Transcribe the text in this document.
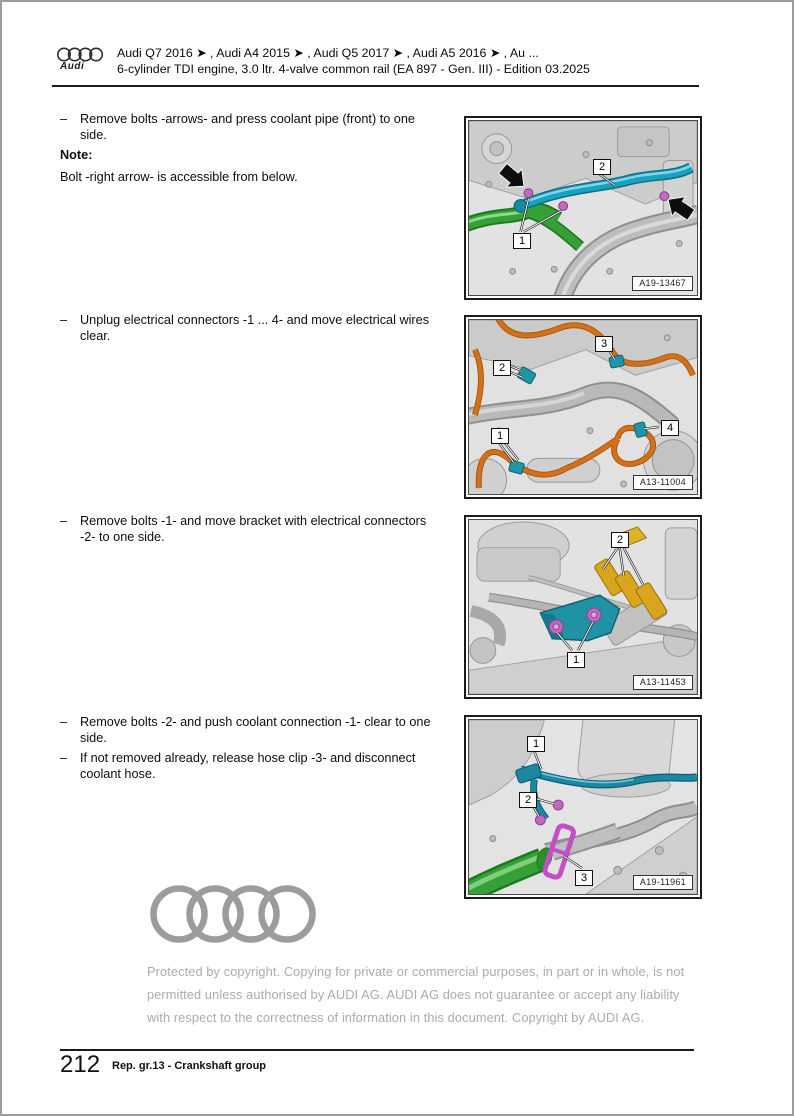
Audi
Audi Q7 2016 ➤ , Audi A4 2015 ➤ , Audi Q5 2017 ➤ , Audi A5 2016 ➤ , Au ...
6-cylinder TDI engine, 3.0 ltr. 4-valve common rail (EA 897 - Gen. III) - Edition 03.2025
–	Remove bolts -arrows- and press coolant pipe (front) to one side.
Note:
Bolt -right arrow- is accessible from below.
–	Unplug electrical connectors -1 ... 4- and move electrical wires clear.
–	Remove bolts -1- and move bracket with electrical connectors -2- to one side.
–	Remove bolts -2- and push coolant connection -1- clear to one side.
–	If not removed already, release hose clip -3- and disconnect coolant hose.
1
2
A19-13467
1
2
3
4
A13-11004
2
1
A13-11453
1
2
3	A19-11961
Protected by copyright. Copying for private or commercial purposes, in part or in whole, is not
permitted unless authorised by AUDI AG. AUDI AG does not guarantee or accept any liability
with respect to the correctness of information in this document. Copyright by AUDI AG.
212 Rep. gr.13 - Crankshaft group
